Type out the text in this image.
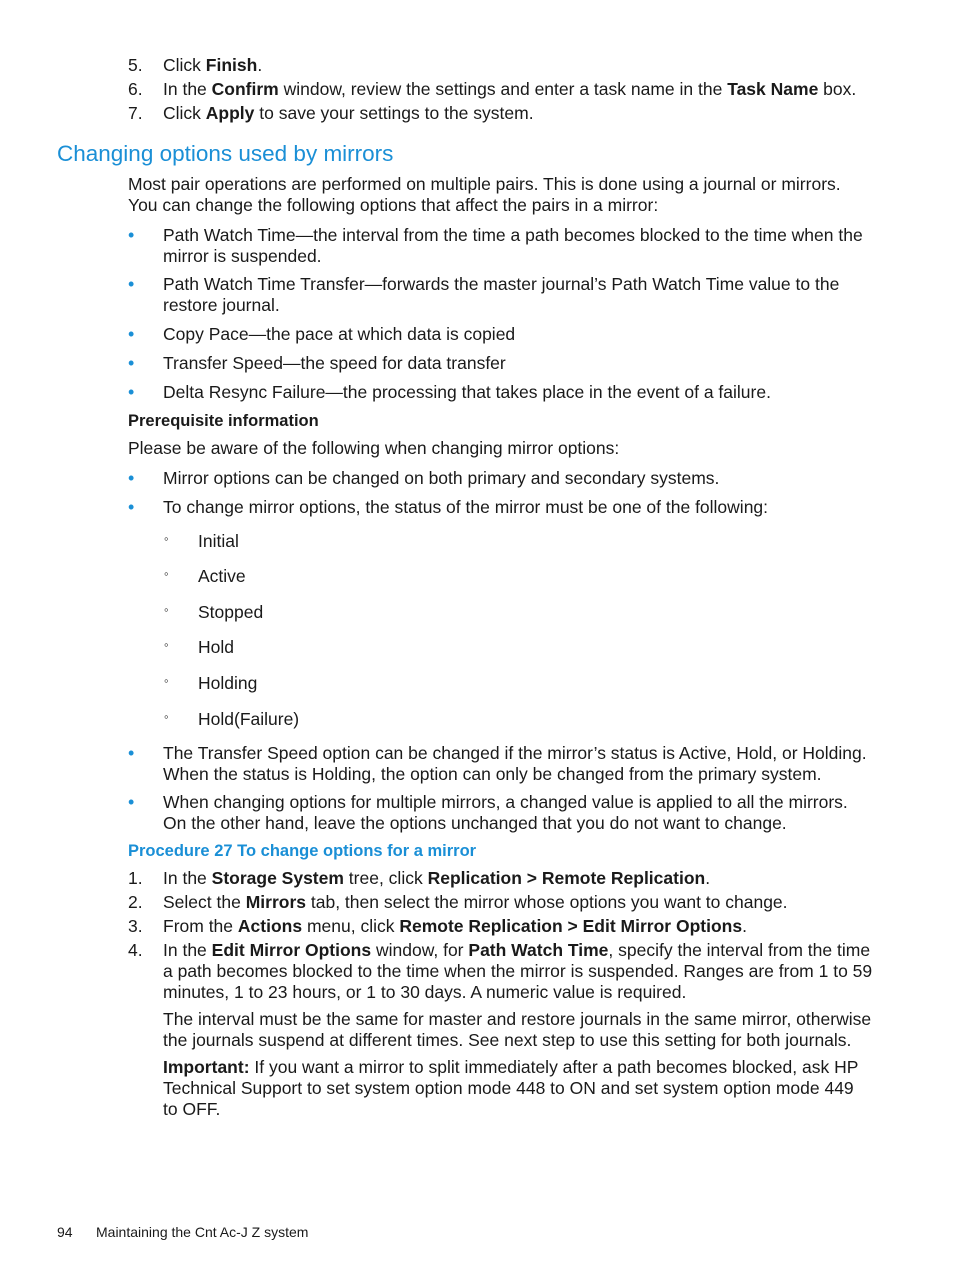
5. Click Finish.
6. In the Confirm window, review the settings and enter a task name in the Task Name box.
7. Click Apply to save your settings to the system.
Changing options used by mirrors
Most pair operations are performed on multiple pairs. This is done using a journal or mirrors. You can change the following options that affect the pairs in a mirror:
• Path Watch Time—the interval from the time a path becomes blocked to the time when the mirror is suspended.
• Path Watch Time Transfer—forwards the master journal’s Path Watch Time value to the restore journal.
• Copy Pace—the pace at which data is copied
• Transfer Speed—the speed for data transfer
• Delta Resync Failure—the processing that takes place in the event of a failure.
Prerequisite information
Please be aware of the following when changing mirror options:
• Mirror options can be changed on both primary and secondary systems.
• To change mirror options, the status of the mirror must be one of the following:
◦ Initial
◦ Active
◦ Stopped
◦ Hold
◦ Holding
◦ Hold(Failure)
• The Transfer Speed option can be changed if the mirror’s status is Active, Hold, or Holding. When the status is Holding, the option can only be changed from the primary system.
• When changing options for multiple mirrors, a changed value is applied to all the mirrors. On the other hand, leave the options unchanged that you do not want to change.
Procedure 27 To change options for a mirror
1. In the Storage System tree, click Replication > Remote Replication.
2. Select the Mirrors tab, then select the mirror whose options you want to change.
3. From the Actions menu, click Remote Replication > Edit Mirror Options.
4. In the Edit Mirror Options window, for Path Watch Time, specify the interval from the time a path becomes blocked to the time when the mirror is suspended. Ranges are from 1 to 59 minutes, 1 to 23 hours, or 1 to 30 days. A numeric value is required.
The interval must be the same for master and restore journals in the same mirror, otherwise the journals suspend at different times. See next step to use this setting for both journals.
Important: If you want a mirror to split immediately after a path becomes blocked, ask HP Technical Support to set system option mode 448 to ON and set system option mode 449 to OFF.
94 Maintaining the Cnt Ac-J Z system
